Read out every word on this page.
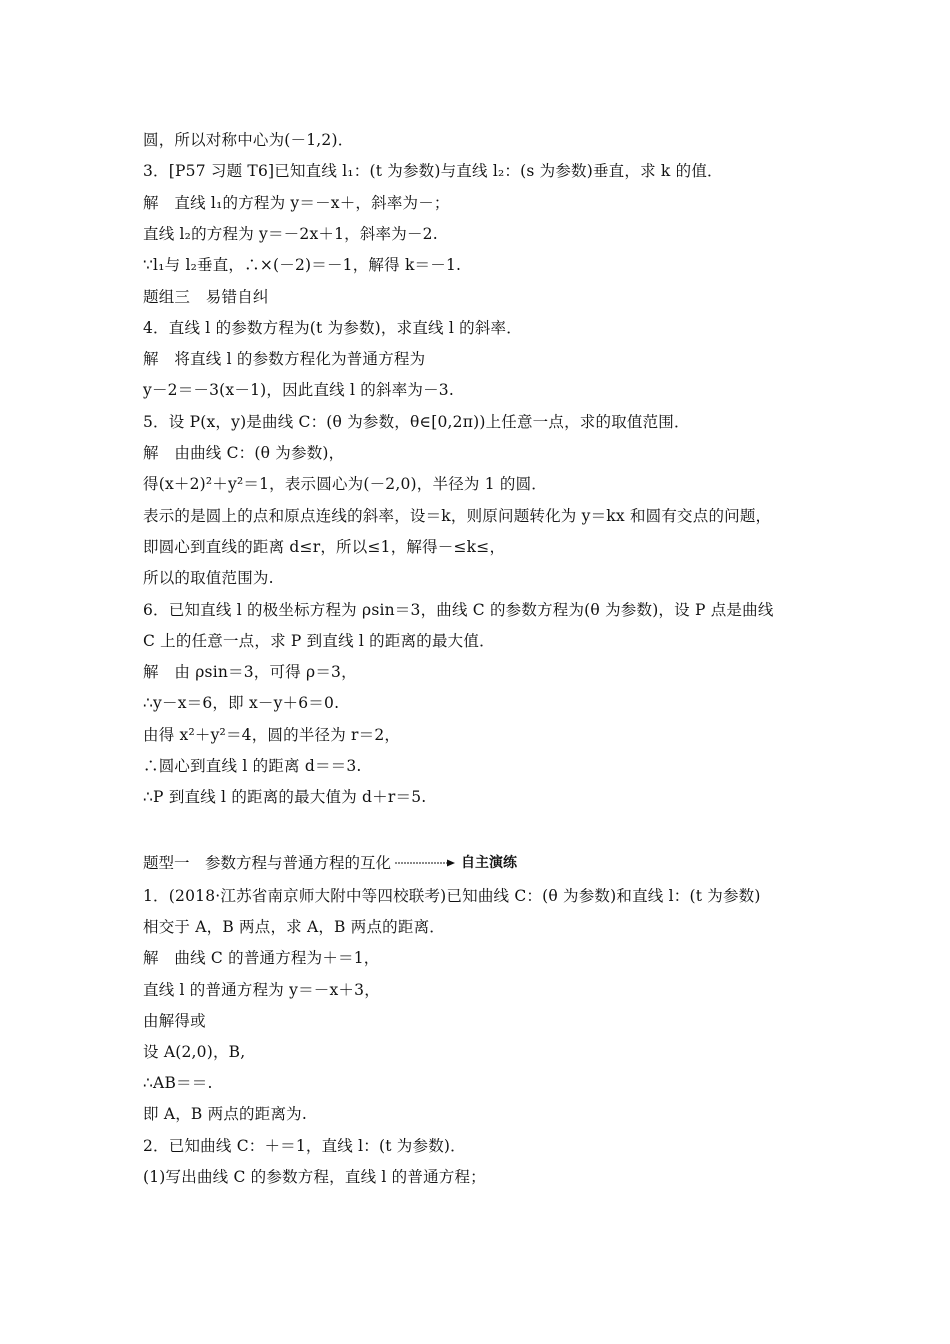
圆，所以对称中心为(－1,2)．
3．[P57 习题 T6]已知直线 l₁：(t 为参数)与直线 l₂：(s 为参数)垂直，求 k 的值．
解　直线 l₁的方程为 y＝－x＋，斜率为－；
直线 l₂的方程为 y＝－2x＋1，斜率为－2.
∵l₁与 l₂垂直，∴×(－2)＝－1，解得 k＝－1.
题组三　易错自纠
4．直线 l 的参数方程为(t 为参数)，求直线 l 的斜率．
解　将直线 l 的参数方程化为普通方程为
y－2＝－3(x－1)，因此直线 l 的斜率为－3.
5．设 P(x，y)是曲线 C：(θ 为参数，θ∈[0,2π))上任意一点，求的取值范围．
解　由曲线 C：(θ 为参数)，
得(x＋2)²＋y²＝1，表示圆心为(－2,0)，半径为 1 的圆．
表示的是圆上的点和原点连线的斜率，设＝k，则原问题转化为 y＝kx 和圆有交点的问题，
即圆心到直线的距离 d≤r，所以≤1，解得－≤k≤，
所以的取值范围为.
6．已知直线 l 的极坐标方程为 ρsin＝3，曲线 C 的参数方程为(θ 为参数)，设 P 点是曲线
C 上的任意一点，求 P 到直线 l 的距离的最大值．
解　由 ρsin＝3，可得 ρ＝3，
∴y－x＝6，即 x－y＋6＝0.
由得 x²＋y²＝4，圆的半径为 r＝2，
∴圆心到直线 l 的距离 d＝＝3.
∴P 到直线 l 的距离的最大值为 d＋r＝5.
题型一　参数方程与普通方程的互化	自主演练
1．(2018·江苏省南京师大附中等四校联考)已知曲线 C：(θ 为参数)和直线 l：(t 为参数)
相交于 A，B 两点，求 A，B 两点的距离．
解　曲线 C 的普通方程为＋＝1，
直线 l 的普通方程为 y＝－x＋3，
由解得或
设 A(2,0)，B,
∴AB＝＝.
即 A，B 两点的距离为.
2．已知曲线 C：＋＝1，直线 l：(t 为参数)．
(1)写出曲线 C 的参数方程，直线 l 的普通方程；
